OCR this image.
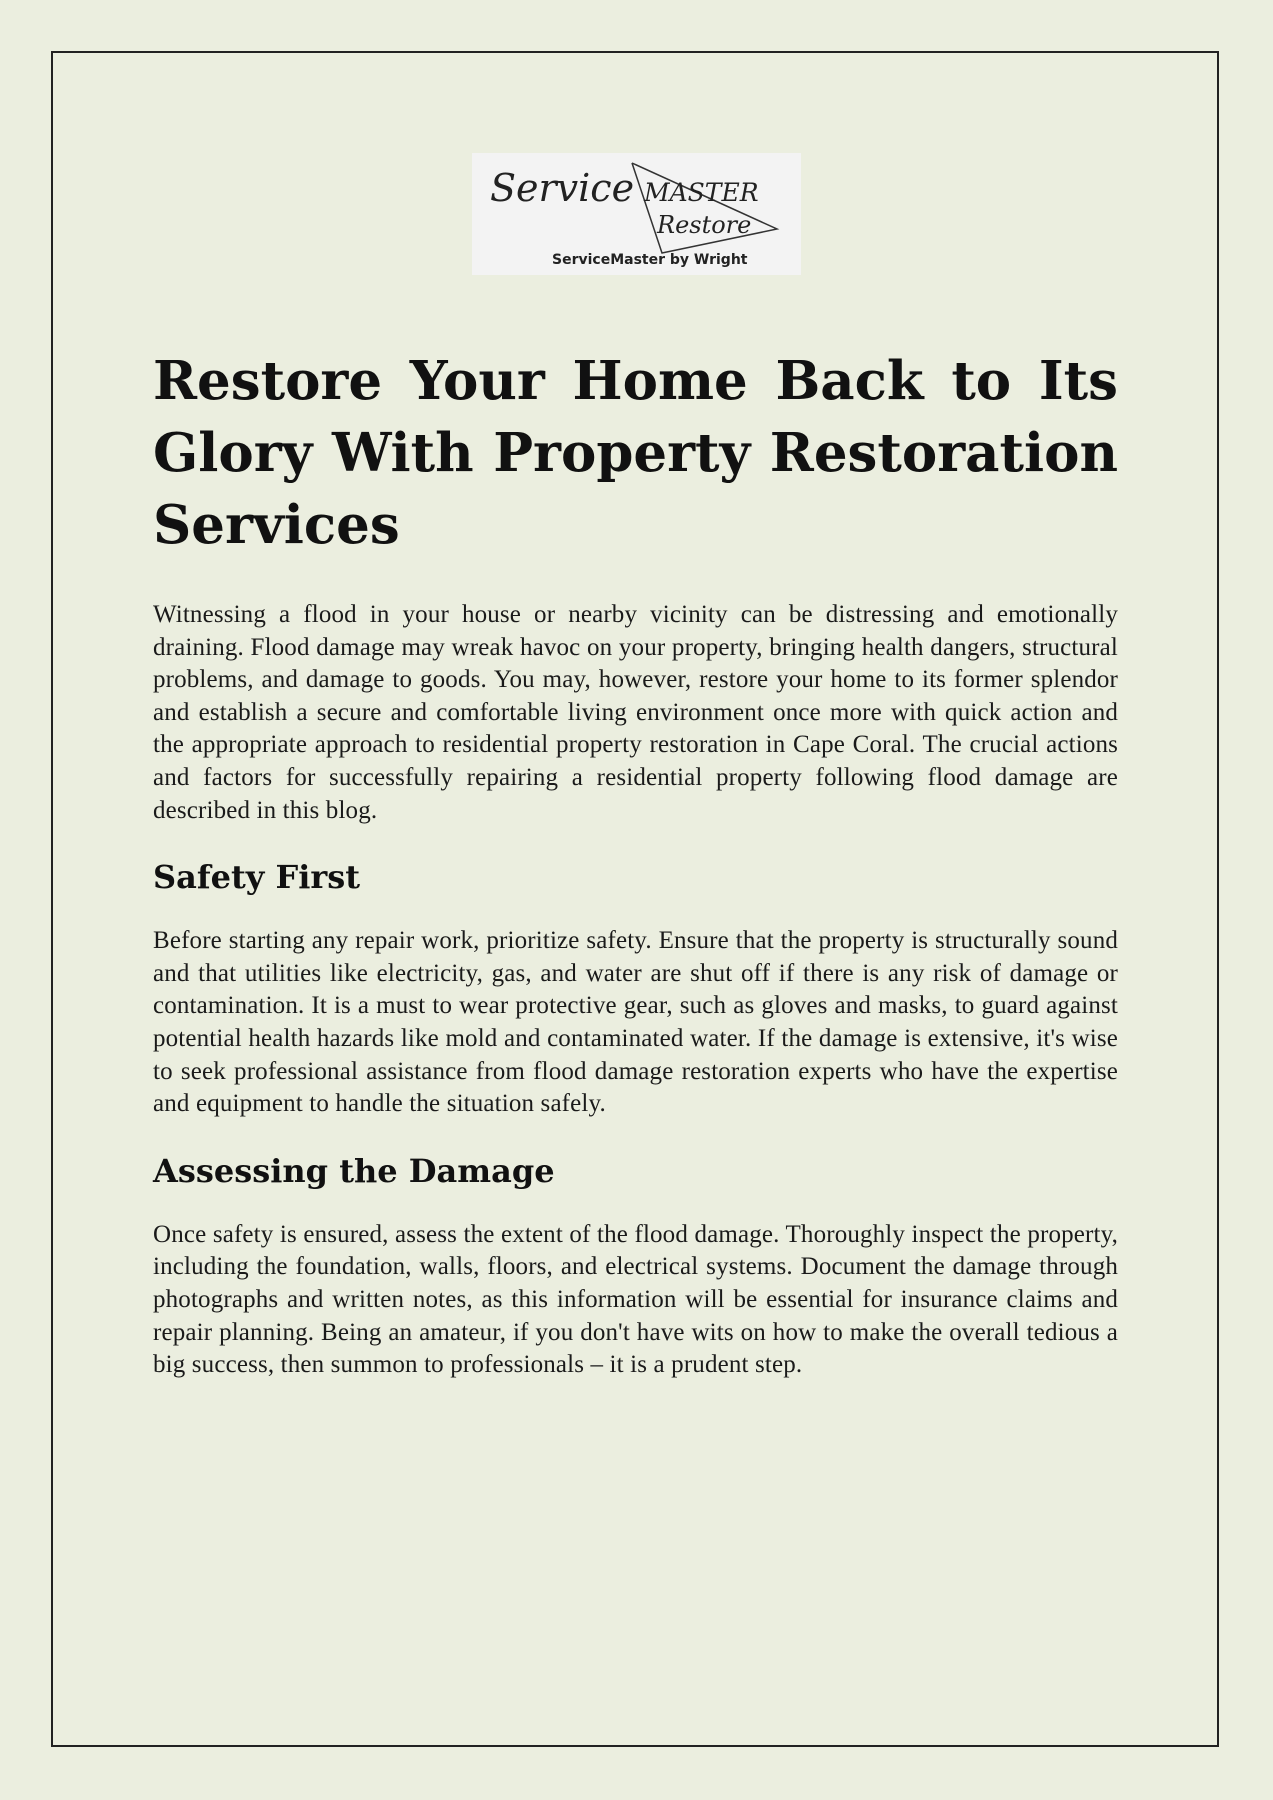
Service MASTER
Restore
ServiceMaster by Wright
Restore Your Home Back to Its Glory With Property Restoration Services

Witnessing a flood in your house or nearby vicinity can be distressing and emotionally draining. Flood damage may wreak havoc on your property, bringing health dangers, structural problems, and damage to goods. You may, however, restore your home to its former splendor and establish a secure and comfortable living environment once more with quick action and the appropriate approach to residential property restoration in Cape Coral. The crucial actions and factors for successfully repairing a residential property following flood damage are described in this blog.

Safety First

Before starting any repair work, prioritize safety. Ensure that the property is structurally sound and that utilities like electricity, gas, and water are shut off if there is any risk of damage or contamination. It is a must to wear protective gear, such as gloves and masks, to guard against potential health hazards like mold and contaminated water. If the damage is extensive, it's wise to seek professional assistance from flood damage restoration experts who have the expertise and equipment to handle the situation safely.

Assessing the Damage

Once safety is ensured, assess the extent of the flood damage. Thoroughly inspect the property, including the foundation, walls, floors, and electrical systems. Document the damage through photographs and written notes, as this information will be essential for insurance claims and repair planning. Being an amateur, if you don't have wits on how to make the overall tedious a big success, then summon to professionals – it is a prudent step.
